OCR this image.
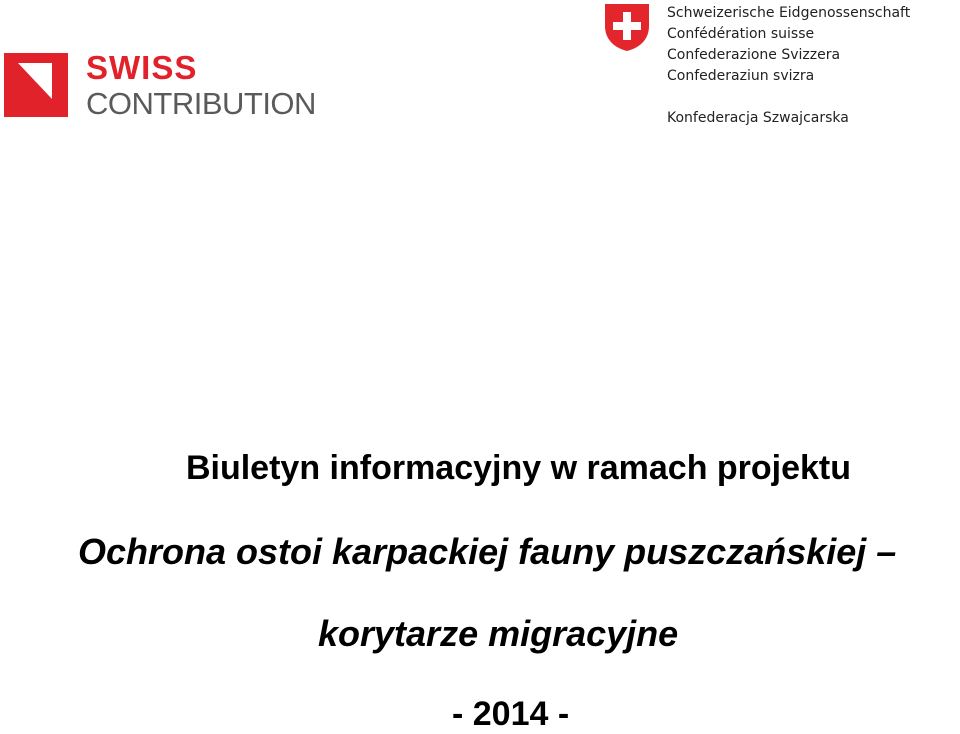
SWISS
CONTRIBUTION
Schweizerische Eidgenossenschaft
Confédération suisse
Confederazione Svizzera
Confederaziun svizra
Konfederacja Szwajcarska
Biuletyn informacyjny w ramach projektu
Ochrona ostoi karpackiej fauny puszczańskiej –
korytarze migracyjne
- 2014 -
